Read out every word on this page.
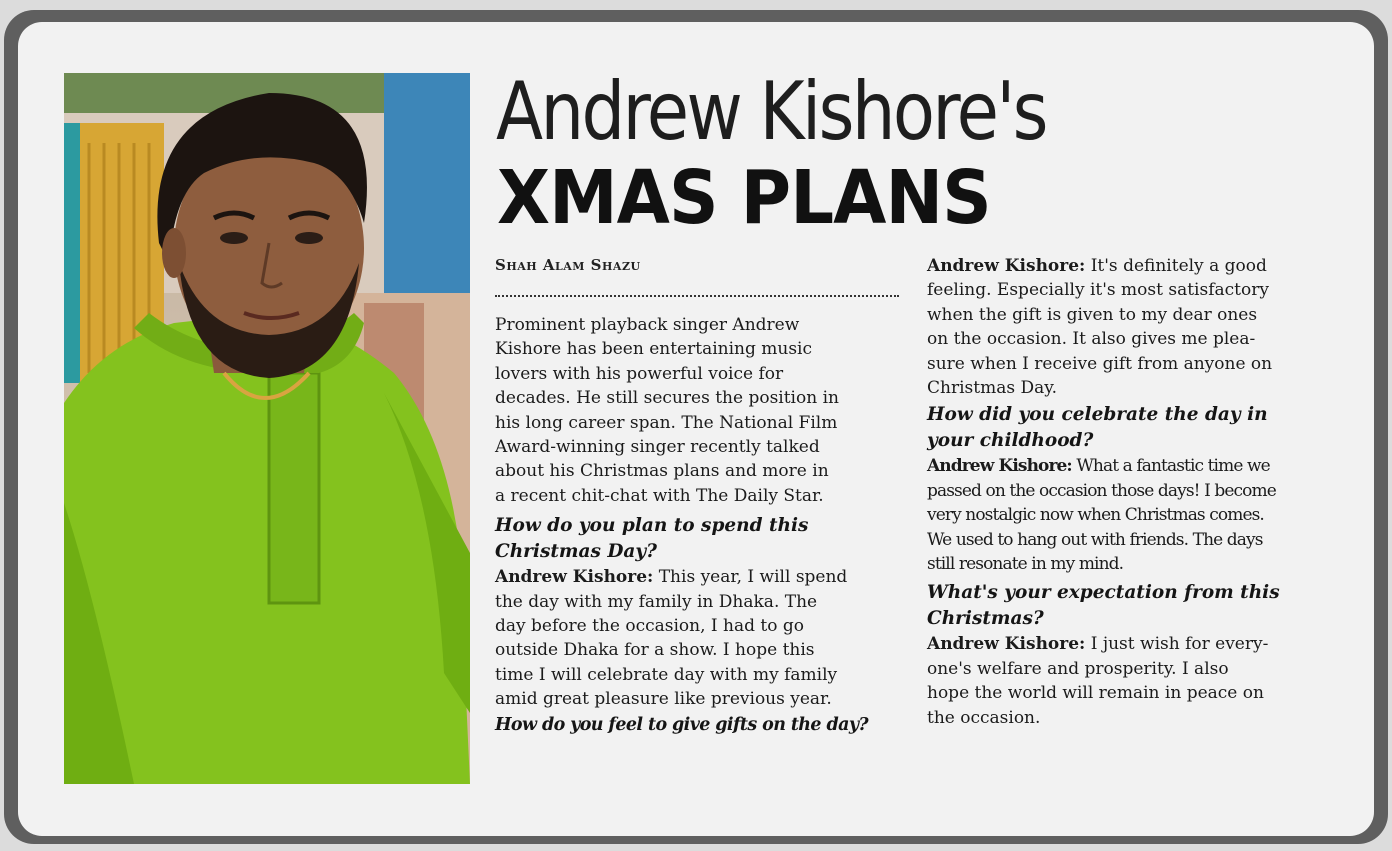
Andrew Kishore's
XMAS PLANS
Shah Alam Shazu

Prominent playback singer Andrew
Kishore has been entertaining music
lovers with his powerful voice for
decades. He still secures the position in
his long career span. The National Film
Award-winning singer recently talked
about his Christmas plans and more in
a recent chit-chat with The Daily Star.

How do you plan to spend this
Christmas Day?

Andrew Kishore: This year, I will spend
the day with my family in Dhaka. The
day before the occasion, I had to go
outside Dhaka for a show. I hope this
time I will celebrate day with my family
amid great pleasure like previous year.

How do you feel to give gifts on the day?

Andrew Kishore: It's definitely a good
feeling. Especially it's most satisfactory
when the gift is given to my dear ones
on the occasion. It also gives me plea-
sure when I receive gift from anyone on
Christmas Day.

How did you celebrate the day in
your childhood?

Andrew Kishore: What a fantastic time we
passed on the occasion those days! I become
very nostalgic now when Christmas comes.
We used to hang out with friends. The days
still resonate in my mind.

What's your expectation from this
Christmas?

Andrew Kishore: I just wish for every-
one's welfare and prosperity. I also
hope the world will remain in peace on
the occasion.
